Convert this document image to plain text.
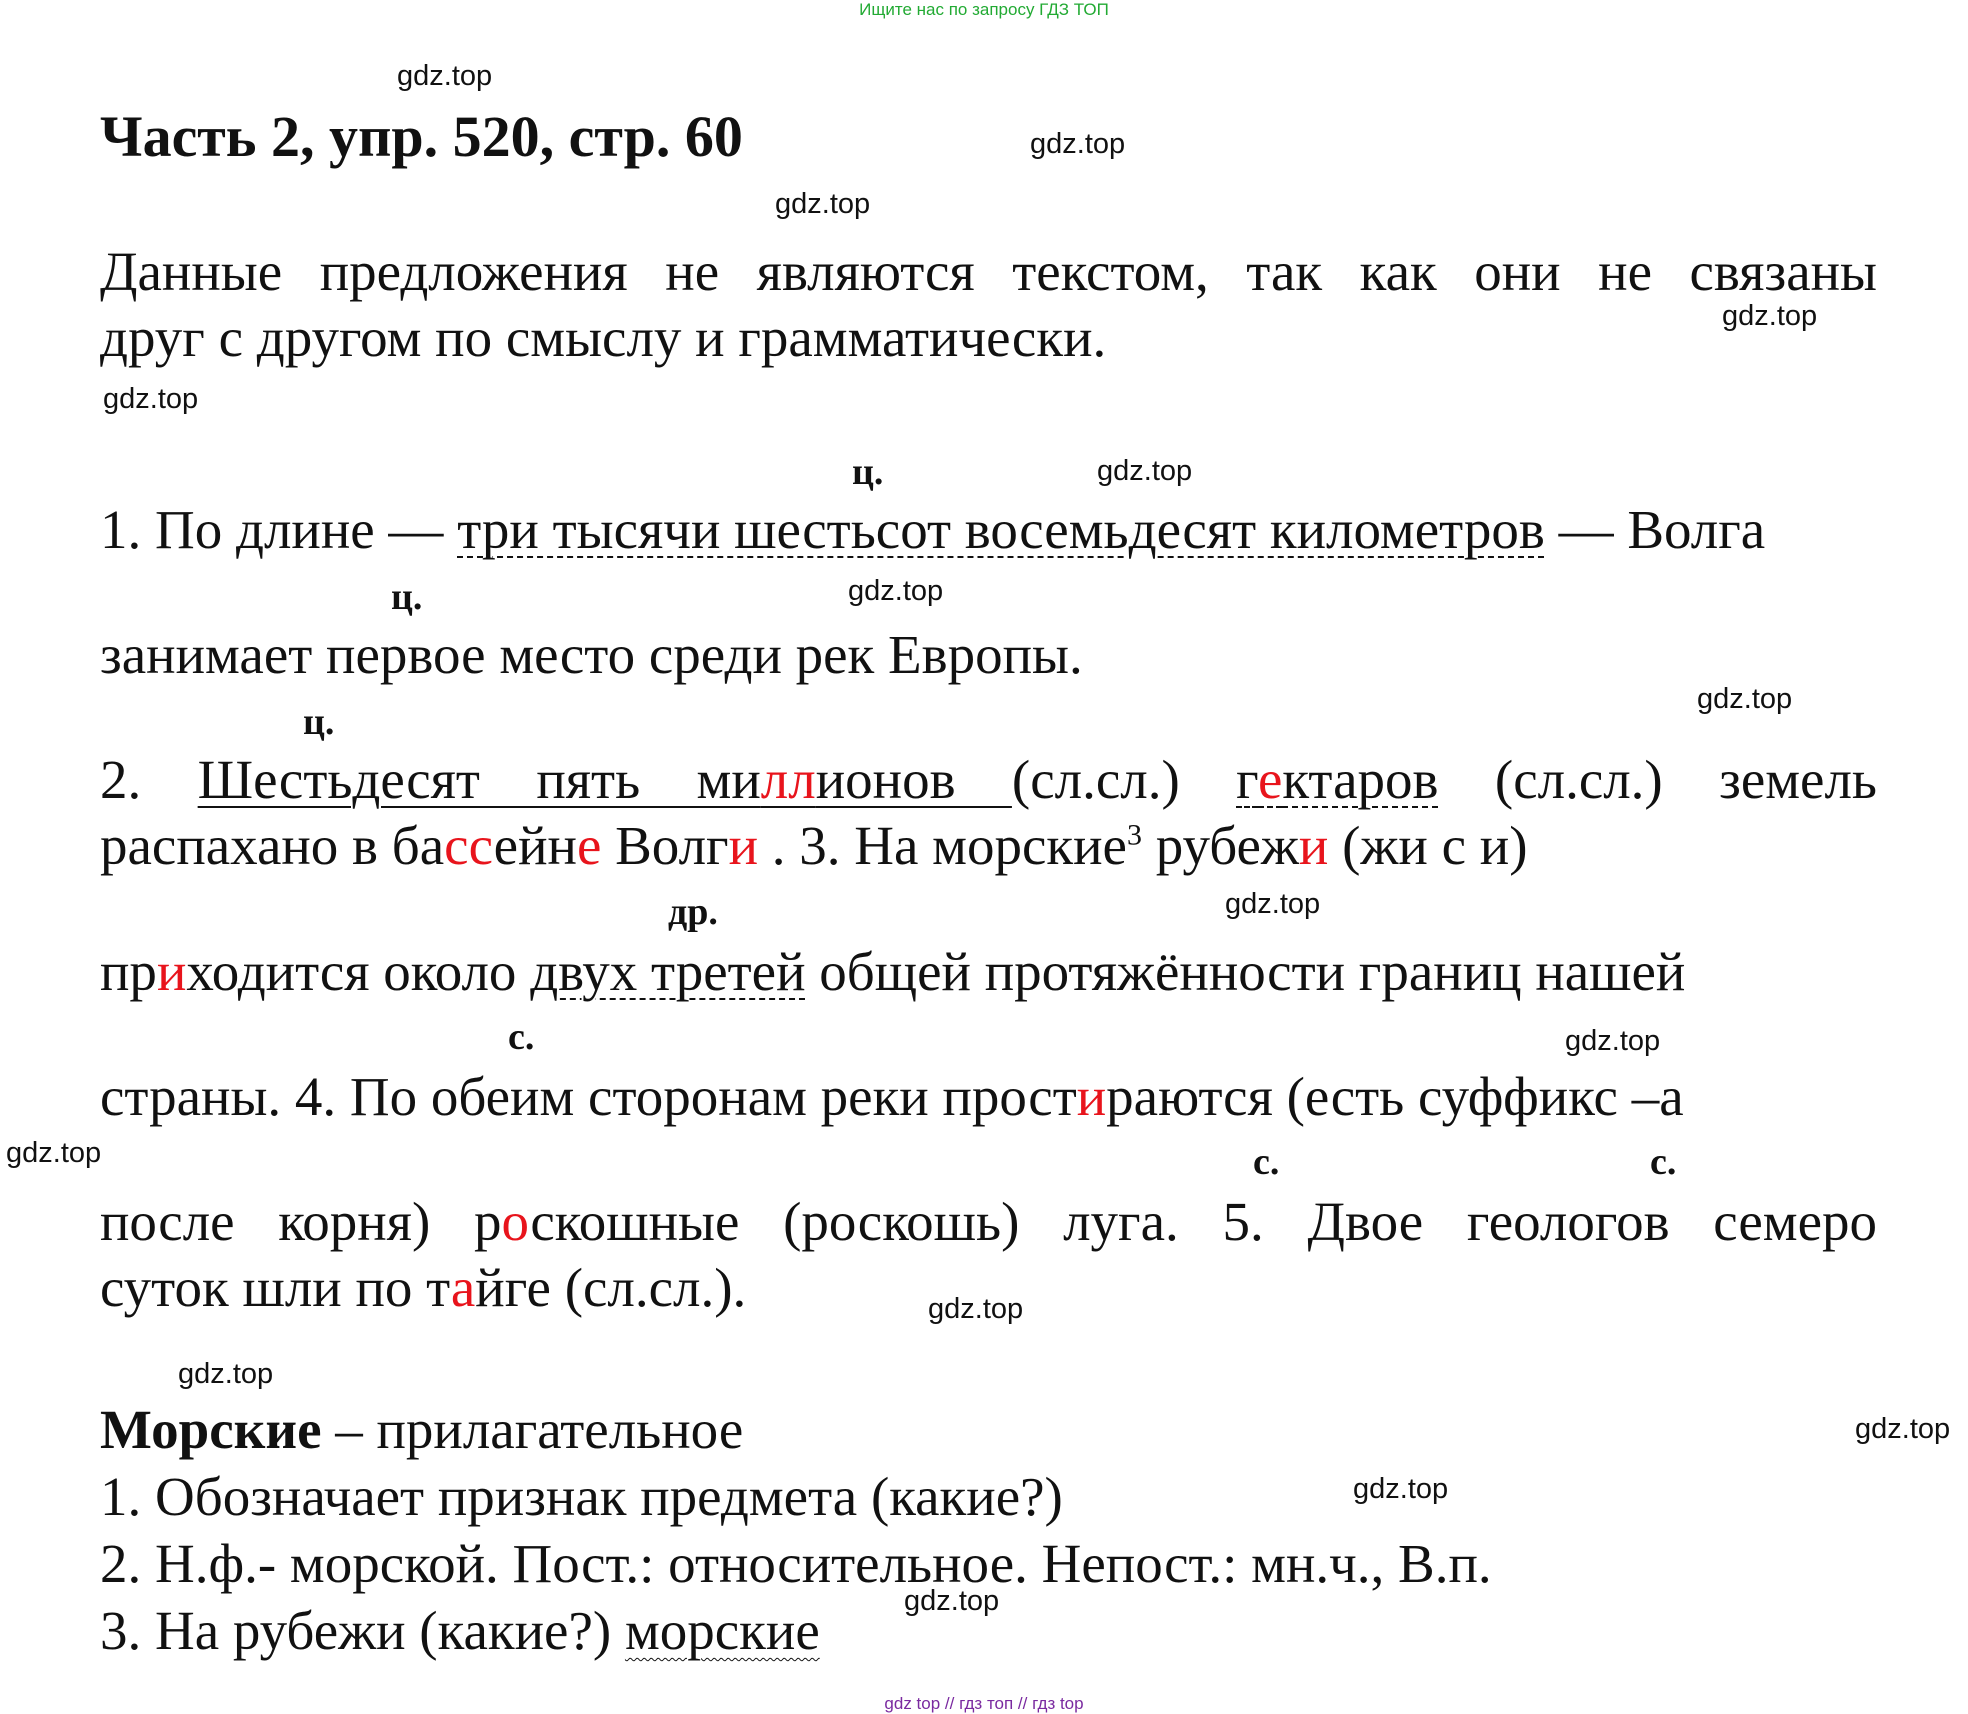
Ищите нас по запросу ГДЗ ТОП
gdz.top
gdz.top
gdz.top
gdz.top
gdz.top
gdz.top
gdz.top
gdz.top
gdz.top
gdz.top
gdz.top
gdz.top
gdz.top
gdz.top
gdz.top
gdz.top
Часть 2, упр. 520, стр. 60
Данные предложения не являются текстом, так как они не связаны
друг с другом по смыслу и грамматически.
ц.
ц.
ц.
др.
с.
с.	с.
1. По длине — три тысячи шестьсот восемьдесят километров — Волга
занимает первое место среди рек Европы.
2. Шестьдесят пять миллионов (сл.сл.) гектаров (сл.сл.) земель
распахано в бассейне Волги . 3. На морские$^3$ рубежи (жи с и)
приходится около двух третей общей протяжённости границ нашей
страны. 4. По обеим сторонам реки простираются (есть суффикс –а
после корня) роскошные (роскошь) луга. 5. Двое геологов семеро
суток шли по тайге (сл.сл.).
Морские – прилагательное
1. Обозначает признак предмета (какие?)
2. Н.ф.- морской. Пост.: относительное. Непост.: мн.ч., В.п.
3. На рубежи (какие?) морские
gdz top // гдз топ // гдз top
